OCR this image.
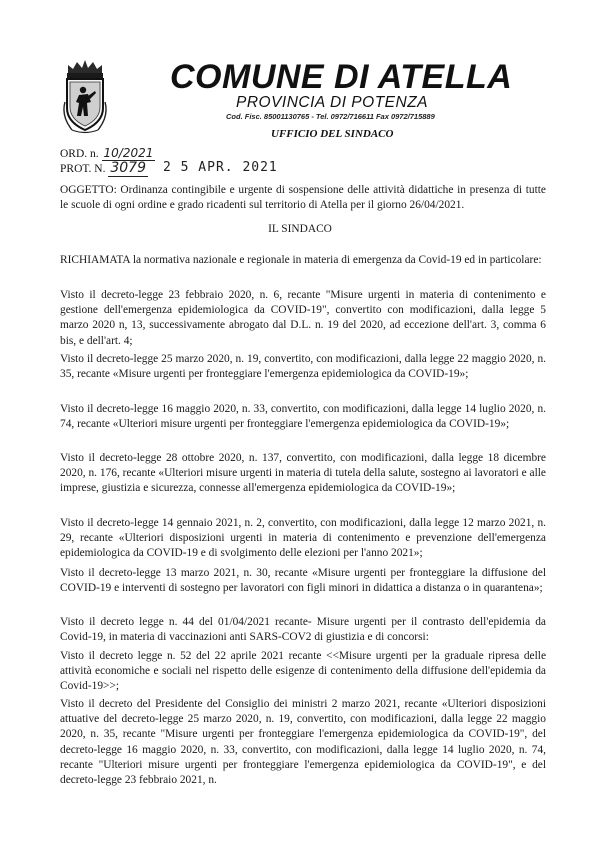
COMUNE DI ATELLA
PROVINCIA DI POTENZA
Cod. Fisc. 85001130765 - Tel. 0972/716611 Fax 0972/715889
UFFICIO DEL SINDACO
ORD. n. 10/2021
PROT. N. 3079 2 5 APR. 2021
OGGETTO: Ordinanza contingibile e urgente di sospensione delle attività didattiche in presenza di tutte le scuole di ogni ordine e grado ricadenti sul territorio di Atella per il giorno 26/04/2021.
IL SINDACO
RICHIAMATA la normativa nazionale e regionale in materia di emergenza da Covid-19 ed in particolare:
Visto il decreto-legge 23 febbraio 2020, n. 6, recante "Misure urgenti in materia di contenimento e gestione dell'emergenza epidemiologica da COVID-19", convertito con modificazioni, dalla legge 5 marzo 2020 n, 13, successivamente abrogato dal D.L. n. 19 del 2020, ad eccezione dell'art. 3, comma 6 bis, e dell'art. 4;
Visto il decreto-legge 25 marzo 2020, n. 19, convertito, con modificazioni, dalla legge 22 maggio 2020, n. 35, recante «Misure urgenti per fronteggiare l'emergenza epidemiologica da COVID-19»;
Visto il decreto-legge 16 maggio 2020, n. 33, convertito, con modificazioni, dalla legge 14 luglio 2020, n. 74, recante «Ulteriori misure urgenti per fronteggiare l'emergenza epidemiologica da COVID-19»;
Visto il decreto-legge 28 ottobre 2020, n. 137, convertito, con modificazioni, dalla legge 18 dicembre 2020, n. 176, recante «Ulteriori misure urgenti in materia di tutela della salute, sostegno ai lavoratori e alle imprese, giustizia e sicurezza, connesse all'emergenza epidemiologica da COVID-19»;
Visto il decreto-legge 14 gennaio 2021, n. 2, convertito, con modificazioni, dalla legge 12 marzo 2021, n. 29, recante «Ulteriori disposizioni urgenti in materia di contenimento e prevenzione dell'emergenza epidemiologica da COVID-19 e di svolgimento delle elezioni per l'anno 2021»;
Visto il decreto-legge 13 marzo 2021, n. 30, recante «Misure urgenti per fronteggiare la diffusione del COVID-19 e interventi di sostegno per lavoratori con figli minori in didattica a distanza o in quarantena»;
Visto il decreto legge n. 44 del 01/04/2021 recante- Misure urgenti per il contrasto dell'epidemia da Covid-19, in materia di vaccinazioni anti SARS-COV2 di giustizia e di concorsi:
Visto il decreto legge n. 52 del 22 aprile 2021 recante <<Misure urgenti per la graduale ripresa delle attività economiche e sociali nel rispetto delle esigenze di contenimento della diffusione dell'epidemia da Covid-19>>;
Visto il decreto del Presidente del Consiglio dei ministri 2 marzo 2021, recante «Ulteriori disposizioni attuative del decreto-legge 25 marzo 2020, n. 19, convertito, con modificazioni, dalla legge 22 maggio 2020, n. 35, recante "Misure urgenti per fronteggiare l'emergenza epidemiologica da COVID-19", del decreto-legge 16 maggio 2020, n. 33, convertito, con modificazioni, dalla legge 14 luglio 2020, n. 74, recante "Ulteriori misure urgenti per fronteggiare l'emergenza epidemiologica da COVID-19", e del decreto-legge 23 febbraio 2021, n.
